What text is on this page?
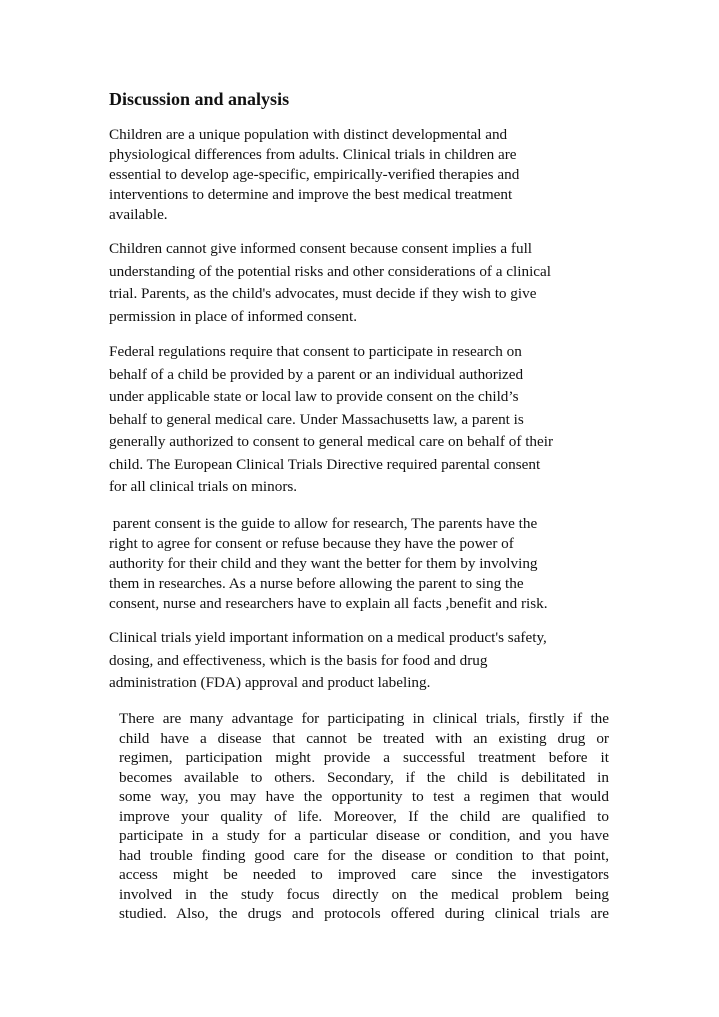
Discussion and analysis

Children are a unique population with distinct developmental and
physiological differences from adults. Clinical trials in children are
essential to develop age-specific, empirically-verified therapies and
interventions to determine and improve the best medical treatment
available.

Children cannot give informed consent because consent implies a full
understanding of the potential risks and other considerations of a clinical
trial. Parents, as the child's advocates, must decide if they wish to give
permission in place of informed consent.

Federal regulations require that consent to participate in research on
behalf of a child be provided by a parent or an individual authorized
under applicable state or local law to provide consent on the child’s
behalf to general medical care. Under Massachusetts law, a parent is
generally authorized to consent to general medical care on behalf of their
child. The European Clinical Trials Directive required parental consent
for all clinical trials on minors.

parent consent is the guide to allow for research, The parents have the
right to agree for consent or refuse because they have the power of
authority for their child and they want the better for them by involving
them in researches. As a nurse before allowing the parent to sing the
consent, nurse and researchers have to explain all facts ,benefit and risk.

Clinical trials yield important information on a medical product's safety,
dosing, and effectiveness, which is the basis for food and drug
administration (FDA) approval and product labeling.

There are many advantage for participating in clinical trials, firstly if the
child have a disease that cannot be treated with an existing drug or
regimen, participation might provide a successful treatment before it
becomes available to others. Secondary, if the child is debilitated in
some way, you may have the opportunity to test a regimen that would
improve your quality of life. Moreover, If the child are qualified to
participate in a study for a particular disease or condition, and you have
had trouble finding good care for the disease or condition to that point,
access might be needed to improved care since the investigators
involved in the study focus directly on the medical problem being
studied. Also, the drugs and protocols offered during clinical trials are
